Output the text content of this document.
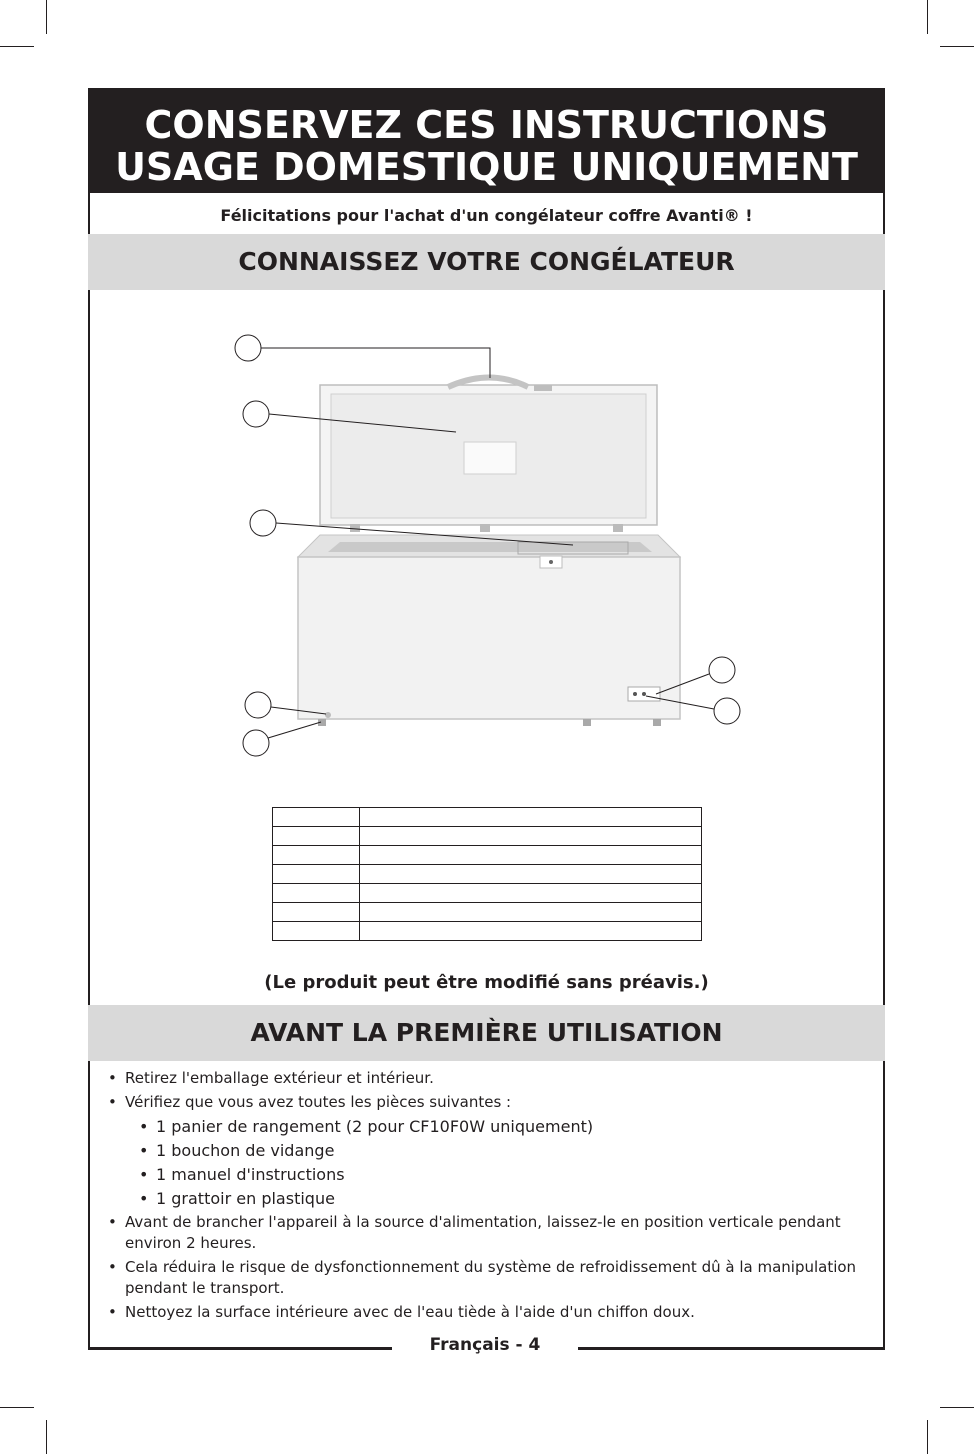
CONSERVEZ CES INSTRUCTIONS
USAGE DOMESTIQUE UNIQUEMENT
Félicitations pour l'achat d'un congélateur coffre Avanti® !
CONNAISSEZ VOTRE CONGÉLATEUR

(Le produit peut être modifié sans préavis.)
AVANT LA PREMIÈRE UTILISATION
• Retirez l'emballage extérieur et intérieur.
• Vérifiez que vous avez toutes les pièces suivantes :
• 1 panier de rangement (2 pour CF10F0W uniquement)
• 1 bouchon de vidange
• 1 manuel d'instructions
• 1 grattoir en plastique
• Avant de brancher l'appareil à la source d'alimentation, laissez-le en position verticale pendant environ 2 heures.
• Cela réduira le risque de dysfonctionnement du système de refroidissement dû à la manipulation pendant le transport.
• Nettoyez la surface intérieure avec de l'eau tiède à l'aide d'un chiffon doux.
Français - 4
